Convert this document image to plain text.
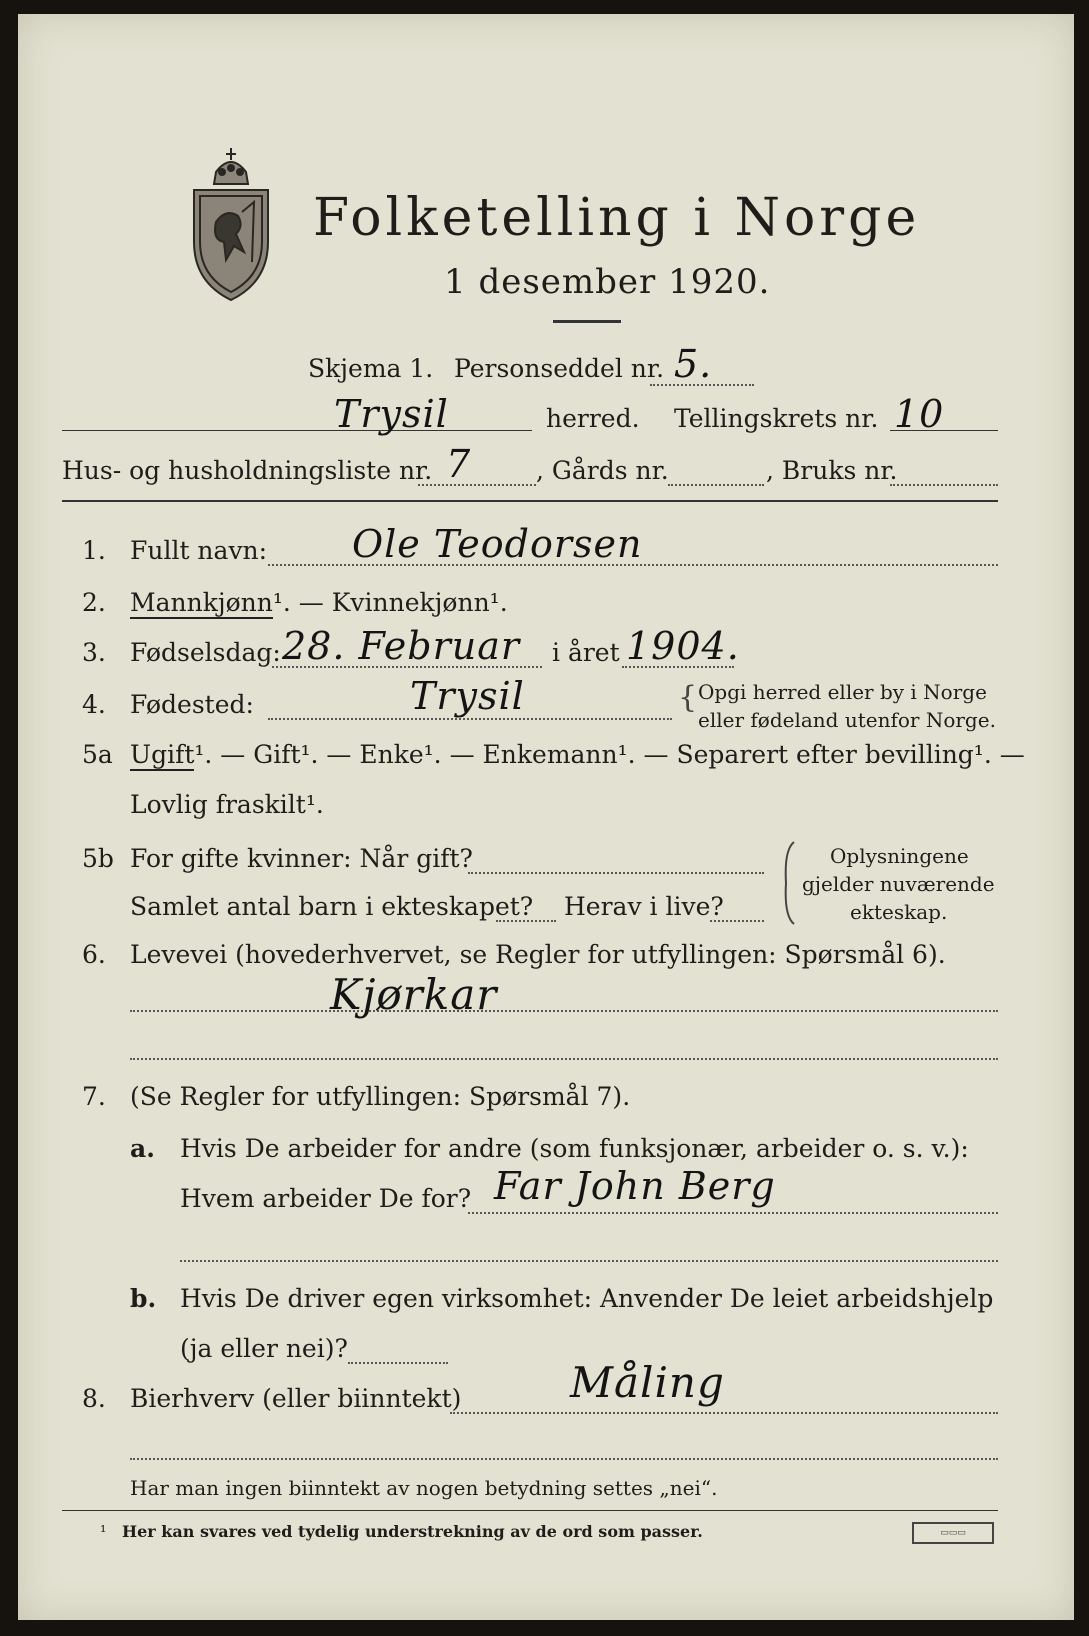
Folketelling i Norge
1 desember 1920.
Skjema 1. Personseddel nr. 5.
Trysil	herred. Tellingskrets nr. 10
Hus- og husholdningsliste nr. 7	, Gårds nr.	, Bruks nr.
1. Fullt navn: Ole Teodorsen
2. Mannkjønn¹. — Kvinnekjønn¹.
3. Fødselsdag: 28. Februar i året 1904.
4. Fødested:	Trysil	{ Opgi herred eller by i Norge
eller fødeland utenfor Norge.
5a Ugift¹. — Gift¹. — Enke¹. — Enkemann¹. — Separert efter bevilling¹. —
Lovlig fraskilt¹.
5b For gifte kvinner: Når gift?
Samlet antal barn i ekteskapet? Herav i live?
Oplysningene
gjelder nuværende
ekteskap.
6. Levevei (hovederhvervet, se Regler for utfyllingen: Spørsmål 6).
Kjørkar
7. (Se Regler for utfyllingen: Spørsmål 7).
a. Hvis De arbeider for andre (som funksjonær, arbeider o. s. v.):
Hvem arbeider De for? Far John Berg
b. Hvis De driver egen virksomhet: Anvender De leiet arbeidshjelp
(ja eller nei)?
8. Bierhverv (eller biinntekt)	Måling
Har man ingen biinntekt av nogen betydning settes „nei“.
¹ Her kan svares ved tydelig understrekning av de ord som passer.	▭▭▭
